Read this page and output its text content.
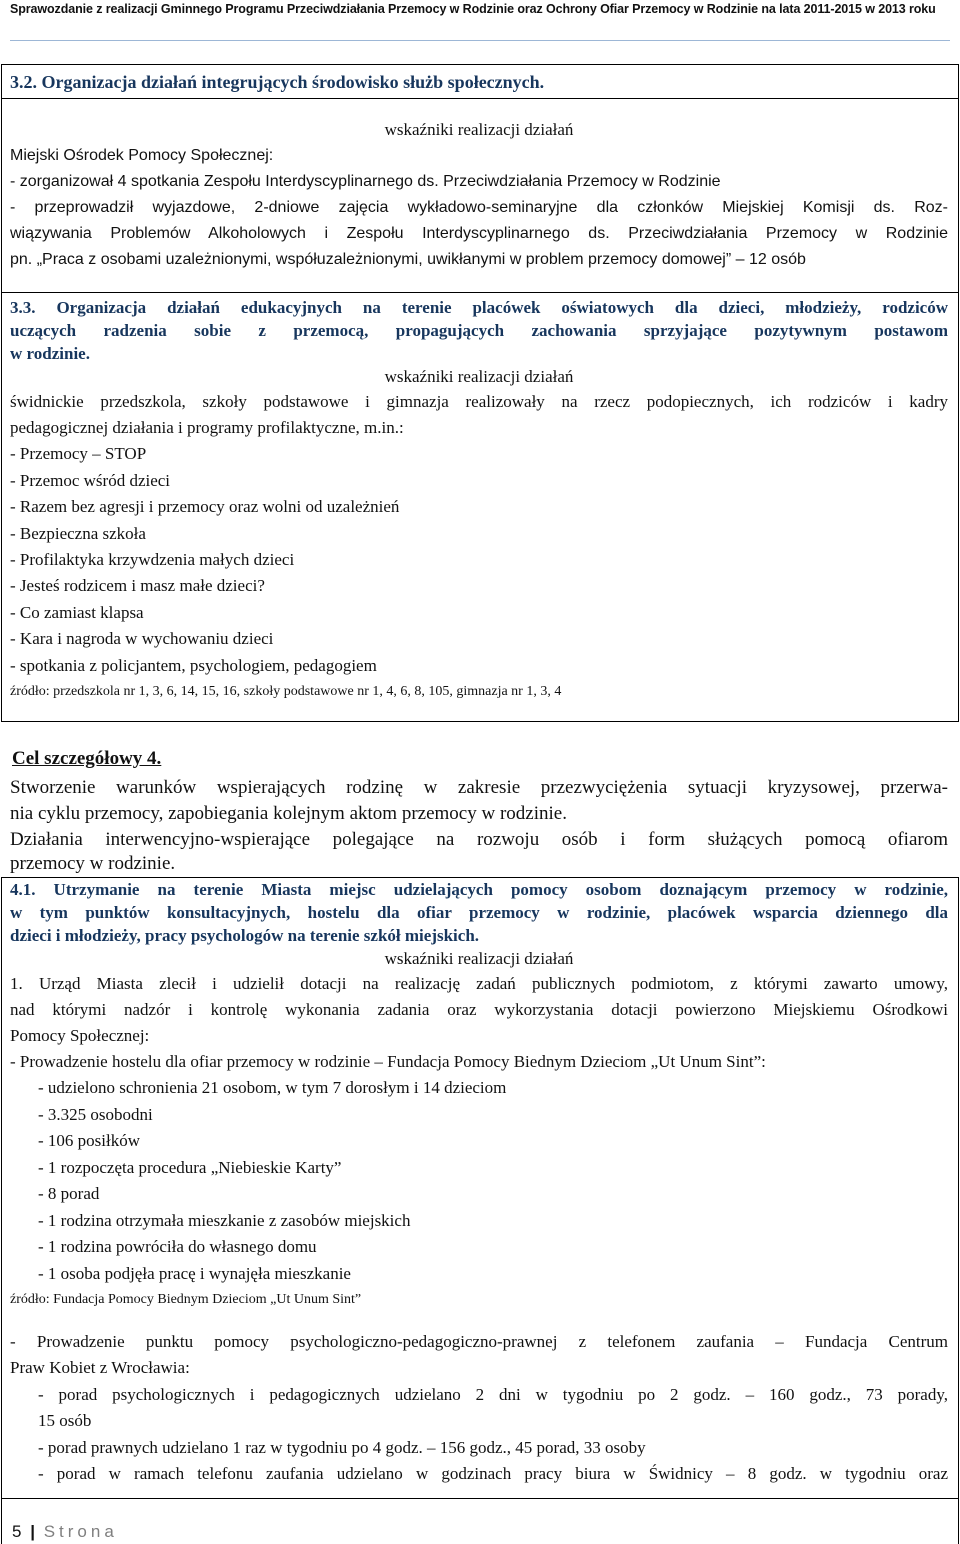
Sprawozdanie z realizacji Gminnego Programu Przeciwdziałania Przemocy w Rodzinie oraz Ochrony Ofiar Przemocy w Rodzinie na lata 2011-2015 w 2013 roku
3.2. Organizacja działań integrujących środowisko służb społecznych.
wskaźniki realizacji działań
Miejski Ośrodek Pomocy Społecznej:
- zorganizował 4 spotkania Zespołu Interdyscyplinarnego ds. Przeciwdziałania Przemocy w Rodzinie
- przeprowadził wyjazdowe, 2-dniowe zajęcia wykładowo-seminaryjne dla członków Miejskiej Komisji ds. Roz-
wiązywania Problemów Alkoholowych i Zespołu Interdyscyplinarnego ds. Przeciwdziałania Przemocy w Rodzinie
pn. „Praca z osobami uzależnionymi, współuzależnionymi, uwikłanymi w problem przemocy domowej” – 12 osób
3.3. Organizacja działań edukacyjnych na terenie placówek oświatowych dla dzieci, młodzieży, rodziców
uczących radzenia sobie z przemocą, propagujących zachowania sprzyjające pozytywnym postawom
w rodzinie.
wskaźniki realizacji działań
świdnickie przedszkola, szkoły podstawowe i gimnazja realizowały na rzecz podopiecznych, ich rodziców i kadry
pedagogicznej działania i programy profilaktyczne, m.in.:
- Przemocy – STOP
- Przemoc wśród dzieci
- Razem bez agresji i przemocy oraz wolni od uzależnień
- Bezpieczna szkoła
- Profilaktyka krzywdzenia małych dzieci
- Jesteś rodzicem i masz małe dzieci?
- Co zamiast klapsa
- Kara i nagroda w wychowaniu dzieci
- spotkania z policjantem, psychologiem, pedagogiem
źródło: przedszkola nr 1, 3, 6, 14, 15, 16, szkoły podstawowe nr 1, 4, 6, 8, 105, gimnazja nr 1, 3, 4
Cel szczegółowy 4.
Stworzenie warunków wspierających rodzinę w zakresie przezwyciężenia sytuacji kryzysowej, przerwa-
nia cyklu przemocy, zapobiegania kolejnym aktom przemocy w rodzinie.
Działania interwencyjno-wspierające polegające na rozwoju osób i form służących pomocą ofiarom
przemocy w rodzinie.
4.1. Utrzymanie na terenie Miasta miejsc udzielających pomocy osobom doznającym przemocy w rodzinie,
w tym punktów konsultacyjnych, hostelu dla ofiar przemocy w rodzinie, placówek wsparcia dziennego dla
dzieci i młodzieży, pracy psychologów na terenie szkół miejskich.
wskaźniki realizacji działań
1. Urząd Miasta zlecił i udzielił dotacji na realizację zadań publicznych podmiotom, z którymi zawarto umowy,
nad którymi nadzór i kontrolę wykonania zadania oraz wykorzystania dotacji powierzono Miejskiemu Ośrodkowi
Pomocy Społecznej:
- Prowadzenie hostelu dla ofiar przemocy w rodzinie – Fundacja Pomocy Biednym Dzieciom „Ut Unum Sint”:
- udzielono schronienia 21 osobom, w tym 7 dorosłym i 14 dzieciom
- 3.325 osobodni
- 106 posiłków
- 1 rozpoczęta procedura „Niebieskie Karty”
- 8 porad
- 1 rodzina otrzymała mieszkanie z zasobów miejskich
- 1 rodzina powróciła do własnego domu
- 1 osoba podjęła pracę i wynajęła mieszkanie
źródło: Fundacja Pomocy Biednym Dzieciom „Ut Unum Sint”
- Prowadzenie punktu pomocy psychologiczno-pedagogiczno-prawnej z telefonem zaufania – Fundacja Centrum
Praw Kobiet z Wrocławia:
- porad psychologicznych i pedagogicznych udzielano 2 dni w tygodniu po 2 godz. – 160 godz., 73 porady,
15 osób
- porad prawnych udzielano 1 raz w tygodniu po 4 godz. – 156 godz., 45 porad, 33 osoby
- porad w ramach telefonu zaufania udzielano w godzinach pracy biura w Świdnicy – 8 godz. w tygodniu oraz
5 | Strona
